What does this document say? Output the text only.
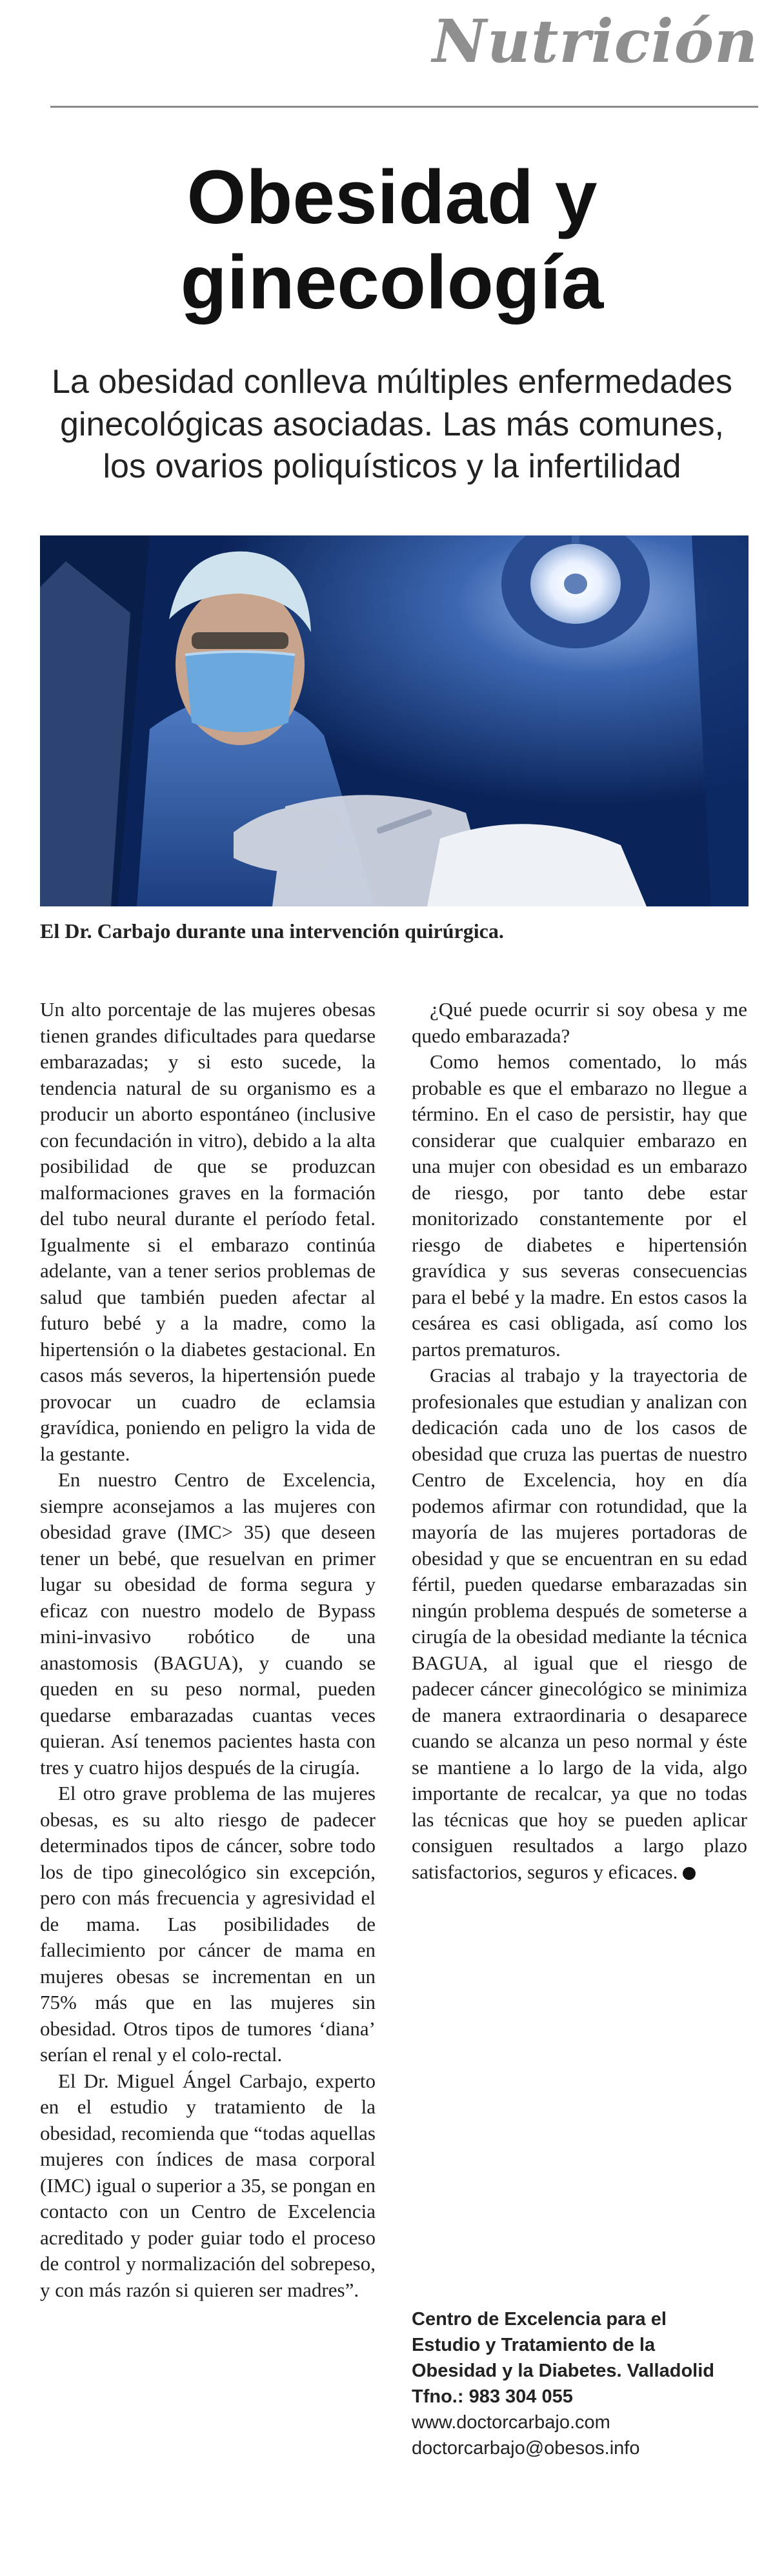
Nutrición
Obesidad y
ginecología
La obesidad conlleva múltiples enfermedades
ginecológicas asociadas. Las más comunes,
los ovarios poliquísticos y la infertilidad
El Dr. Carbajo durante una intervención quirúrgica.

Un alto porcentaje de las mujeres obesas tienen grandes dificultades para quedarse embarazadas; y si esto sucede, la tendencia natural de su organismo es a producir un aborto espontáneo (inclusive con fecundación in vitro), debido a la alta posibilidad de que se produzcan malformaciones graves en la formación del tubo neural durante el período fetal. Igualmente si el embarazo continúa adelante, van a tener serios problemas de salud que también pueden afectar al futuro bebé y a la madre, como la hipertensión o la diabetes gestacional. En casos más severos, la hipertensión puede provocar un cuadro de eclamsia gravídica, poniendo en peligro la vida de la gestante.

En nuestro Centro de Excelencia, siempre aconsejamos a las mujeres con obesidad grave (IMC> 35) que deseen tener un bebé, que resuelvan en primer lugar su obesidad de forma segura y eficaz con nuestro modelo de Bypass mini-invasivo robótico de una anastomosis (BAGUA), y cuando se queden en su peso normal, pueden quedarse embarazadas cuantas veces quieran. Así tenemos pacientes hasta con tres y cuatro hijos después de la cirugía.

El otro grave problema de las mujeres obesas, es su alto riesgo de padecer determinados tipos de cáncer, sobre todo los de tipo ginecológico sin excepción, pero con más frecuencia y agresividad el de mama. Las posibilidades de fallecimiento por cáncer de mama en mujeres obesas se incrementan en un 75% más que en las mujeres sin obesidad. Otros tipos de tumores ‘diana’ serían el renal y el colo-rectal.

El Dr. Miguel Ángel Carbajo, experto en el estudio y tratamiento de la obesidad, recomienda que “todas aquellas mujeres con índices de masa corporal (IMC) igual o superior a 35, se pongan en contacto con un Centro de Excelencia acreditado y poder guiar todo el proceso de control y normalización del sobrepeso, y con más razón si quieren ser madres”.

¿Qué puede ocurrir si soy obesa y me quedo embarazada?

Como hemos comentado, lo más probable es que el embarazo no llegue a término. En el caso de persistir, hay que considerar que cualquier embarazo en una mujer con obesidad es un embarazo de riesgo, por tanto debe estar monitorizado constantemente por el riesgo de diabetes e hipertensión gravídica y sus severas consecuencias para el bebé y la madre. En estos casos la cesárea es casi obligada, así como los partos prematuros.

Gracias al trabajo y la trayectoria de profesionales que estudian y analizan con dedicación cada uno de los casos de obesidad que cruza las puertas de nuestro Centro de Excelencia, hoy en día podemos afirmar con rotundidad, que la mayoría de las mujeres portadoras de obesidad y que se encuentran en su edad fértil, pueden quedarse embarazadas sin ningún problema después de someterse a cirugía de la obesidad mediante la técnica BAGUA, al igual que el riesgo de padecer cáncer ginecológico se minimiza de manera extraordinaria o desaparece cuando se alcanza un peso normal y éste se mantiene a lo largo de la vida, algo importante de recalcar, ya que no todas las técnicas que hoy se pueden aplicar consiguen resultados a largo plazo satisfactorios, seguros y eficaces.

Centro de Excelencia para el
Estudio y Tratamiento de la
Obesidad y la Diabetes. Valladolid
Tfno.: 983 304 055
www.doctorcarbajo.com
doctorcarbajo@obesos.info
